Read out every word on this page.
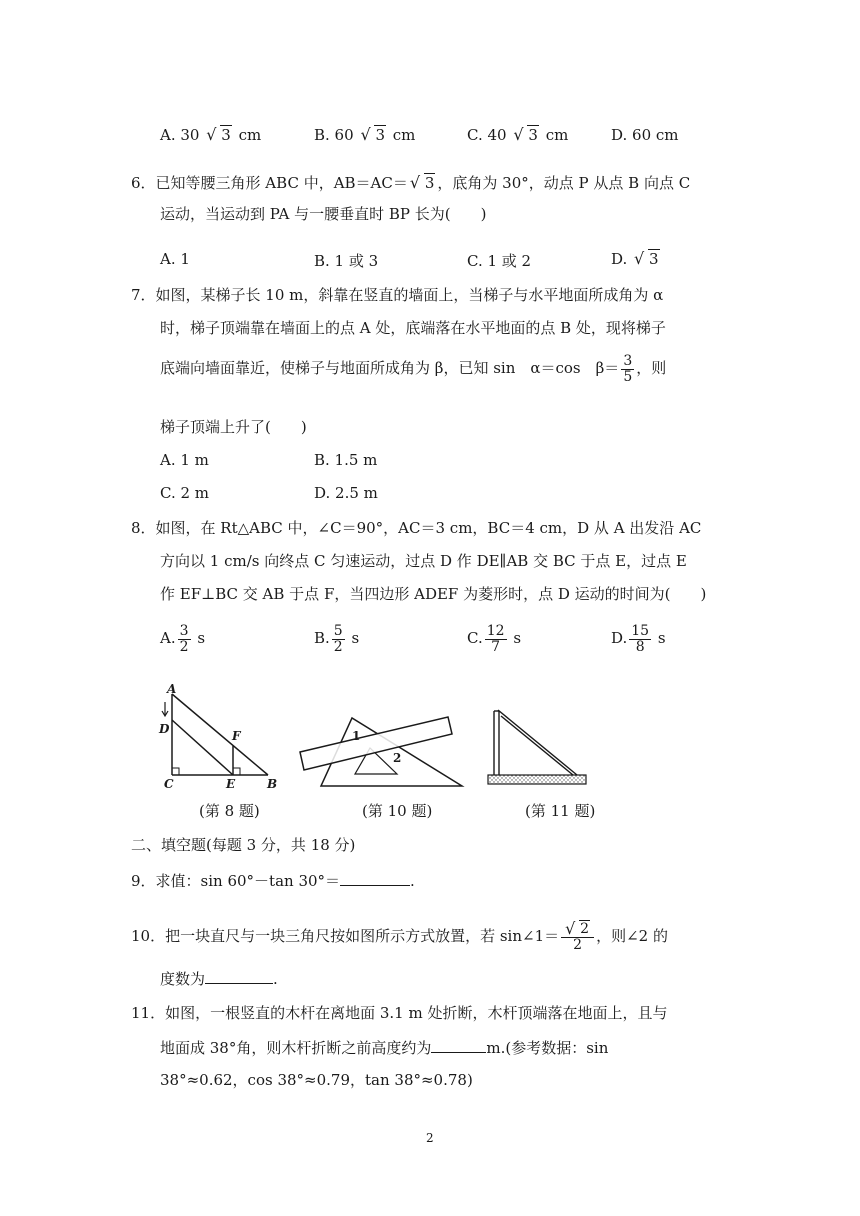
A. 30 √ 3 cm	B. 60 √ 3 cm	C. 40 √ 3 cm	D. 60 cm
6．已知等腰三角形 ABC 中，AB＝AC＝ √ 3 ，底角为 30°，动点 P 从点 B 向点 C
运动，当运动到 PA 与一腰垂直时 BP 长为(　　)
A. 1	B. 1 或 3	C. 1 或 2	D. √ 3
7．如图，某梯子长 10 m，斜靠在竖直的墙面上，当梯子与水平地面所成角为 α
时，梯子顶端靠在墙面上的点 A 处，底端落在水平地面的点 B 处，现将梯子
底端向墙面靠近，使梯子与地面所成角为 β，已知 sin　α＝cos　$\beta= \frac{3}{5}$ ，则
梯子顶端上升了(　　)
A. 1 m	B. 1.5 m
C. 2 m	D. 2.5 m
8．如图，在 Rt△ABC 中，∠C＝90°，AC＝3 cm，BC＝4 cm，D 从 A 出发沿 AC
方向以 1 cm/s 向终点 C 匀速运动，过点 D 作 DE∥AB 交 BC 于点 E，过点 E
作 EF⊥BC 交 AB 于点 F，当四边形 ADEF 为菱形时，点 D 运动的时间为(　　)
A. $\frac{3}{2}$ s	B. $\frac{5}{2}$ s	C. $\frac{12}{7}$ s	D. $\frac{15}{8}$ s
A
D	F
C	E	B
1
2
(第 8 题)	(第 10 题)	(第 11 题)
二、填空题(每题 3 分，共 18 分)
9．求值：sin 60°－tan 30°＝	.
10．把一块直尺与一块三角尺按如图所示方式放置，若 sin∠1＝ √ $\frac{2}{2}$ ，则∠2 的
度数为	.
11．如图，一根竖直的木杆在离地面 3.1 m 处折断，木杆顶端落在地面上，且与
地面成 38°角，则木杆折断之前高度约为	m.(参考数据：sin
38°≈0.62，cos 38°≈0.79，tan 38°≈0.78)
2
